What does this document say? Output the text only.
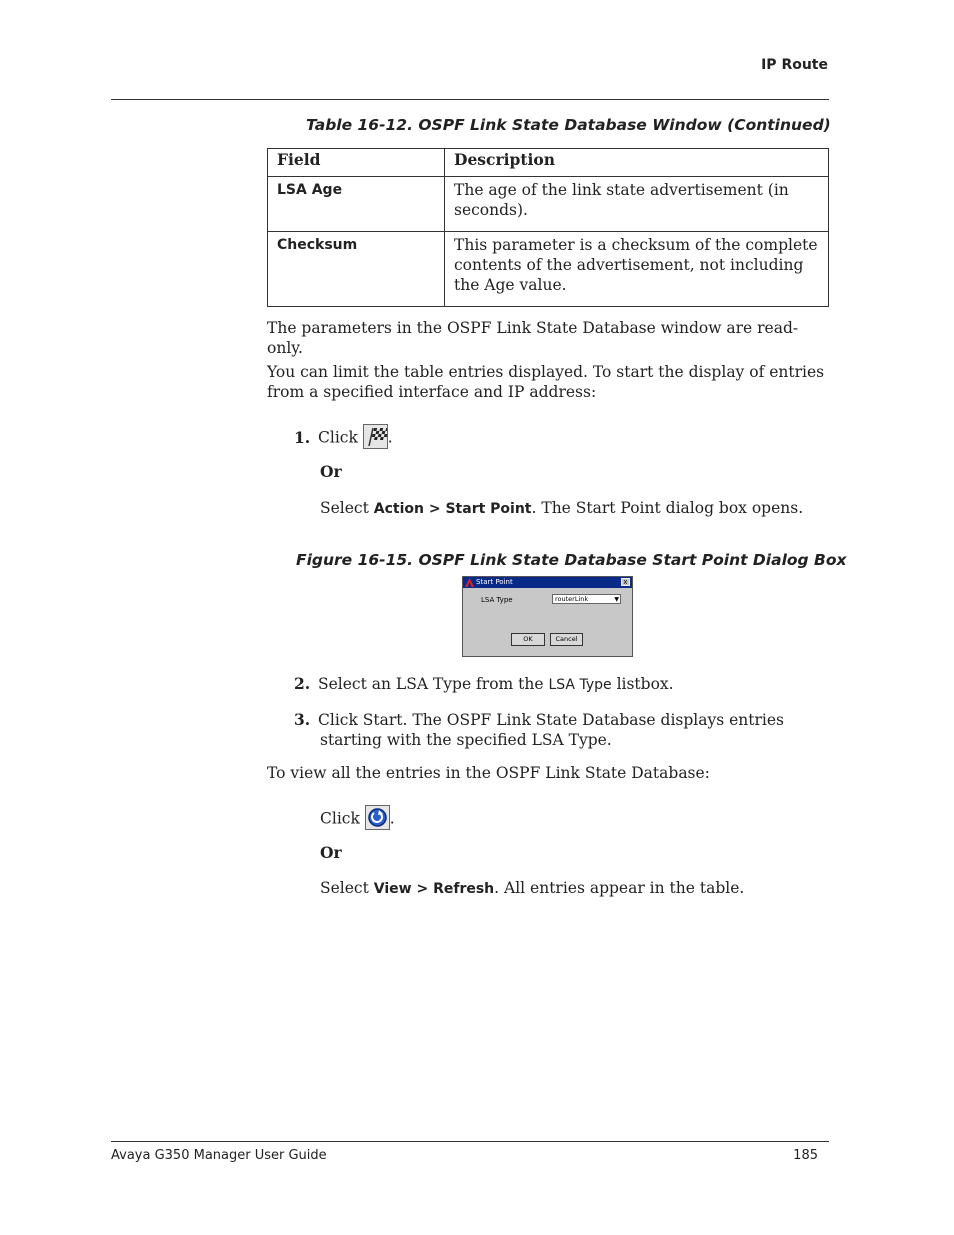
IP Route
Table 16-12. OSPF Link State Database Window (Continued)
Field	Description
LSA Age	The age of the link state advertisement (in seconds).
Checksum	This parameter is a checksum of the complete contents of the advertisement, not including the Age value.
The parameters in the OSPF Link State Database window are read-only.
You can limit the table entries displayed. To start the display of entries from a specified interface and IP address:
1. Click .
Or
Select Action > Start Point. The Start Point dialog box opens.
Figure 16-15. OSPF Link State Database Start Point Dialog Box
Start Point	x
LSA Type	routerLink	▼
OK	Cancel
2. Select an LSA Type from the LSA Type listbox.
3. Click Start. The OSPF Link State Database displays entries starting with the specified LSA Type.
To view all the entries in the OSPF Link State Database:
Click .
Or
Select View > Refresh. All entries appear in the table.
Avaya G350 Manager User Guide	185
